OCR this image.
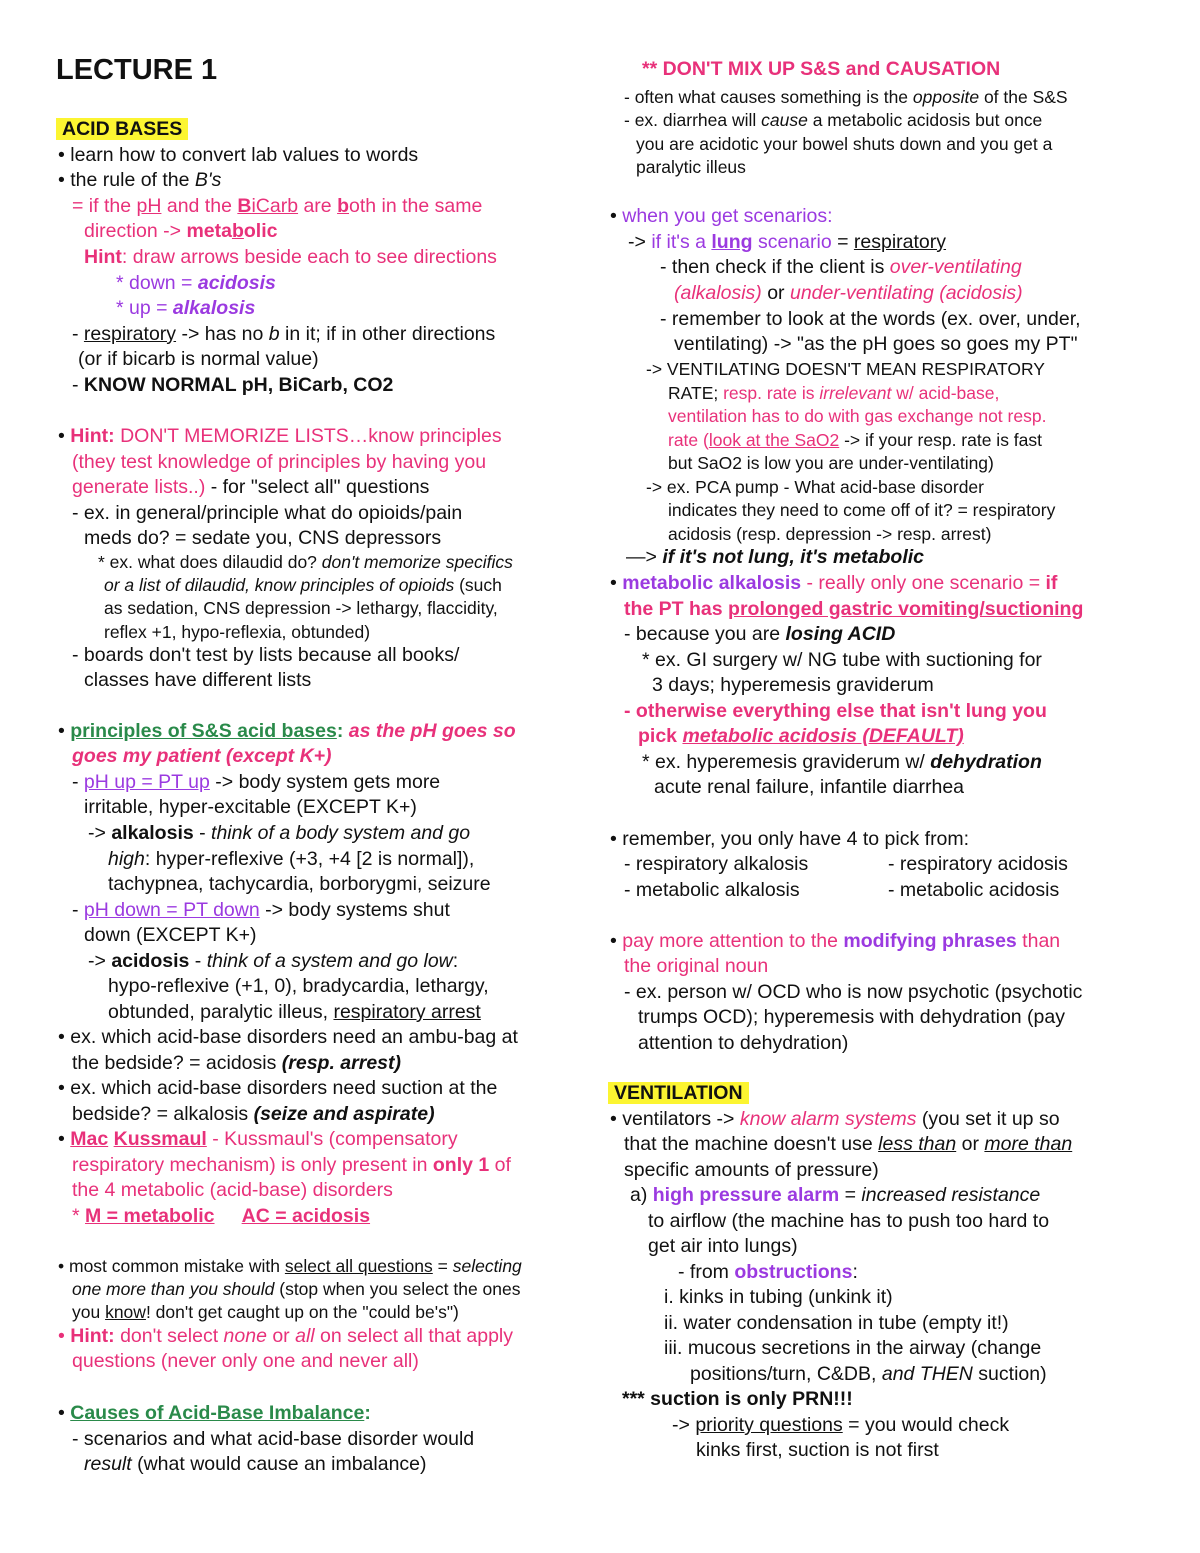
LECTURE 1
ACID BASES
• learn how to convert lab values to words
• the rule of the B's
= if the pH and the BiCarb are both in the same
direction -> metabolic
Hint: draw arrows beside each to see directions
* down = acidosis
* up = alkalosis
- respiratory -> has no b in it; if in other directions
(or if bicarb is normal value)
- KNOW NORMAL pH, BiCarb, CO2
• Hint: DON'T MEMORIZE LISTS…know principles
(they test knowledge of principles by having you
generate lists..) - for "select all" questions
- ex. in general/principle what do opioids/pain
meds do? = sedate you, CNS depressors
* ex. what does dilaudid do? don't memorize specifics
or a list of dilaudid, know principles of opioids (such
as sedation, CNS depression -> lethargy, flaccidity,
reflex +1, hypo-reflexia, obtunded)
- boards don't test by lists because all books/
classes have different lists
• principles of S&S acid bases: as the pH goes so
goes my patient (except K+)
- pH up = PT up -> body system gets more
irritable, hyper-excitable (EXCEPT K+)
-> alkalosis - think of a body system and go
high: hyper-reflexive (+3, +4 [2 is normal]),
tachypnea, tachycardia, borborygmi, seizure
- pH down = PT down -> body systems shut
down (EXCEPT K+)
-> acidosis - think of a system and go low:
hypo-reflexive (+1, 0), bradycardia, lethargy,
obtunded, paralytic illeus, respiratory arrest
• ex. which acid-base disorders need an ambu-bag at
the bedside? = acidosis (resp. arrest)
• ex. which acid-base disorders need suction at the
bedside? = alkalosis (seize and aspirate)
• Mac Kussmaul - Kussmaul's (compensatory
respiratory mechanism) is only present in only 1 of
the 4 metabolic (acid-base) disorders
* M = metabolic AC = acidosis
• most common mistake with select all questions = selecting
one more than you should (stop when you select the ones
you know! don't get caught up on the "could be's")
• Hint: don't select none or all on select all that apply
questions (never only one and never all)
• Causes of Acid-Base Imbalance:
- scenarios and what acid-base disorder would
result (what would cause an imbalance)
** DON'T MIX UP S&S and CAUSATION
- often what causes something is the opposite of the S&S
- ex. diarrhea will cause a metabolic acidosis but once
you are acidotic your bowel shuts down and you get a
paralytic illeus
• when you get scenarios:
-> if it's a lung scenario = respiratory
- then check if the client is over-ventilating
(alkalosis) or under-ventilating (acidosis)
- remember to look at the words (ex. over, under,
ventilating) -> "as the pH goes so goes my PT"
-> VENTILATING DOESN'T MEAN RESPIRATORY
RATE; resp. rate is irrelevant w/ acid-base,
ventilation has to do with gas exchange not resp.
rate (look at the SaO2 -> if your resp. rate is fast
but SaO2 is low you are under-ventilating)
-> ex. PCA pump - What acid-base disorder
indicates they need to come off of it? = respiratory
acidosis (resp. depression -> resp. arrest)
—> if it's not lung, it's metabolic
• metabolic alkalosis - really only one scenario = if
the PT has prolonged gastric vomiting/suctioning
- because you are losing ACID
* ex. GI surgery w/ NG tube with suctioning for
3 days; hyperemesis graviderum
- otherwise everything else that isn't lung you
pick metabolic acidosis (DEFAULT)
* ex. hyperemesis graviderum w/ dehydration
acute renal failure, infantile diarrhea
• remember, you only have 4 to pick from:
- respiratory alkalosis	- respiratory acidosis
- metabolic alkalosis	- metabolic acidosis
• pay more attention to the modifying phrases than
the original noun
- ex. person w/ OCD who is now psychotic (psychotic
trumps OCD); hyperemesis with dehydration (pay
attention to dehydration)
VENTILATION
• ventilators -> know alarm systems (you set it up so
that the machine doesn't use less than or more than
specific amounts of pressure)
a) high pressure alarm = increased resistance
to airflow (the machine has to push too hard to
get air into lungs)
- from obstructions:
i. kinks in tubing (unkink it)
ii. water condensation in tube (empty it!)
iii. mucous secretions in the airway (change
positions/turn, C&DB, and THEN suction)
*** suction is only PRN!!!
-> priority questions = you would check
kinks first, suction is not first
